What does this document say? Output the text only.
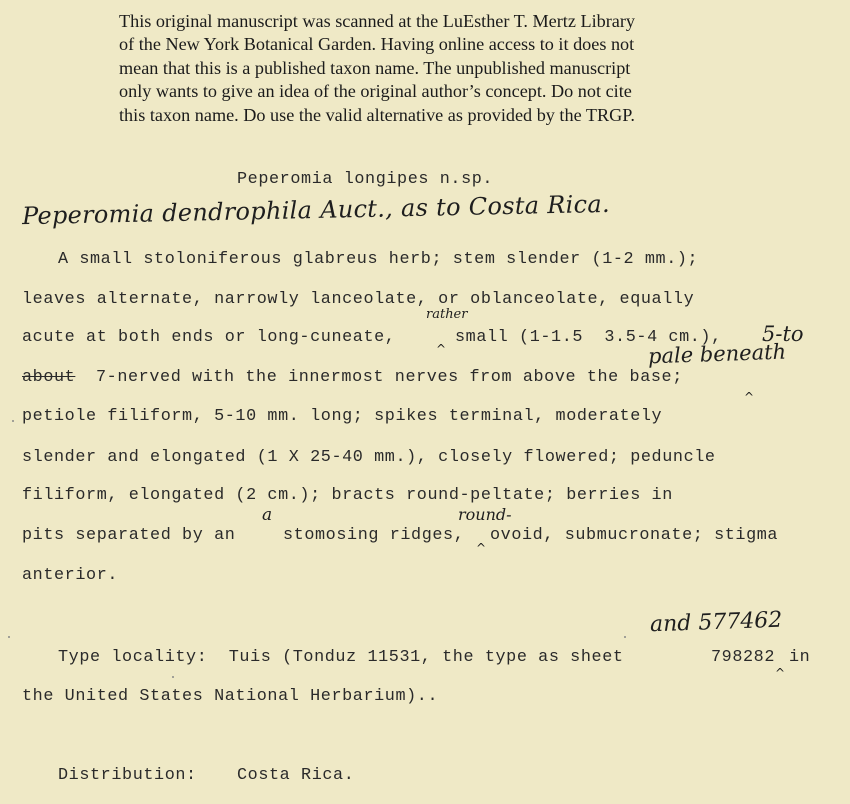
This original manuscript was scanned at the LuEsther T. Mertz Library
of the New York Botanical Garden. Having online access to it does not
mean that this is a published taxon name. The unpublished manuscript
only wants to give an idea of the original author’s concept. Do not cite
this taxon name. Do use the valid alternative as provided by the TRGP.
Peperomia longipes n.sp.
Peperomia dendrophila Auct., as to Costa Rica.
A small stoloniferous glabreus herb; stem slender (1-2 mm.);
leaves alternate, narrowly lanceolate, or oblanceolate, equally
acute at both ends or long-cuneate,
rather
^
small (1-1.5  3.5-4 cm.), 5-to
about 7-nerved with the innermost nerves from above the base;
pale beneath
^
petiole filiform, 5-10 mm. long; spikes terminal, moderately
slender and elongated (1 X 25-40 mm.), closely flowered; peduncle
filiform, elongated (2 cm.); bracts round-peltate; berries in
a	round-
pits separated by an	stomosing ridges,
^
ovoid, submucronate; stigma
anterior.
and 577462
Type locality:  Tuis (Tonduz 11531, the type as sheet	798282
^
in
the United States National Herbarium)..
Distribution: Costa Rica.
